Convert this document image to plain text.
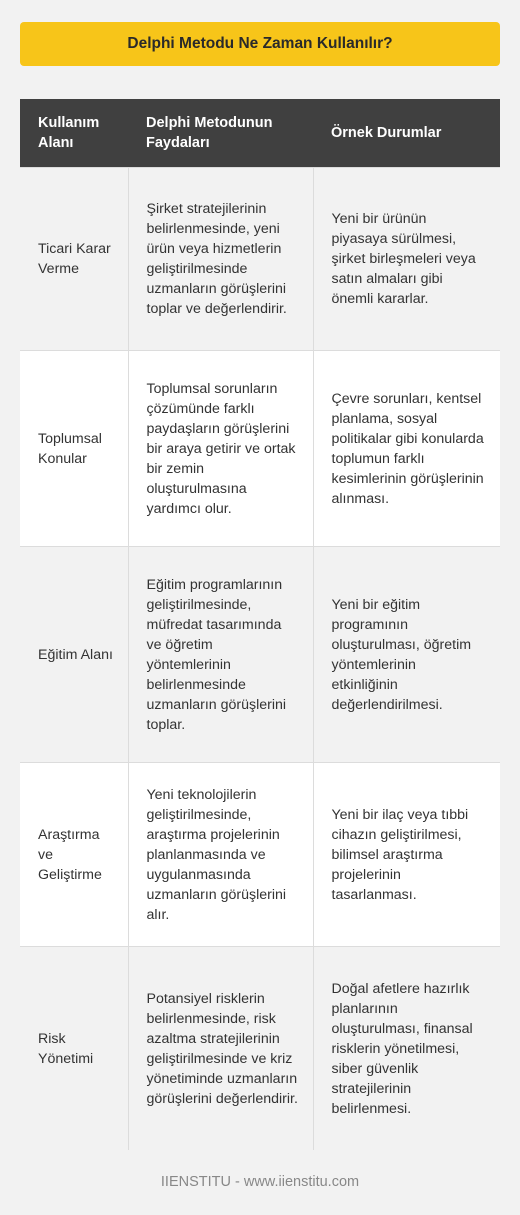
Delphi Metodu Ne Zaman Kullanılır?
Kullanım Alanı	Delphi Metodunun Faydaları	Örnek Durumlar
Ticari Karar Verme	Şirket stratejilerinin belirlenmesinde, yeni ürün veya hizmetlerin geliştirilmesinde uzmanların görüşlerini toplar ve değerlendirir.	Yeni bir ürünün piyasaya sürülmesi, şirket birleşmeleri veya satın almaları gibi önemli kararlar.
Toplumsal Konular	Toplumsal sorunların çözümünde farklı paydaşların görüşlerini bir araya getirir ve ortak bir zemin oluşturulmasına yardımcı olur.	Çevre sorunları, kentsel planlama, sosyal politikalar gibi konularda toplumun farklı kesimlerinin görüşlerinin alınması.
Eğitim Alanı	Eğitim programlarının geliştirilmesinde, müfredat tasarımında ve öğretim yöntemlerinin belirlenmesinde uzmanların görüşlerini toplar.	Yeni bir eğitim programının oluşturulması, öğretim yöntemlerinin etkinliğinin değerlendirilmesi.
Araştırma ve Geliştirme	Yeni teknolojilerin geliştirilmesinde, araştırma projelerinin planlanmasında ve uygulanmasında uzmanların görüşlerini alır.	Yeni bir ilaç veya tıbbi cihazın geliştirilmesi, bilimsel araştırma projelerinin tasarlanması.
Risk Yönetimi	Potansiyel risklerin belirlenmesinde, risk azaltma stratejilerinin geliştirilmesinde ve kriz yönetiminde uzmanların görüşlerini değerlendirir.	Doğal afetlere hazırlık planlarının oluşturulması, finansal risklerin yönetilmesi, siber güvenlik stratejilerinin belirlenmesi.
IIENSTITU - www.iienstitu.com
